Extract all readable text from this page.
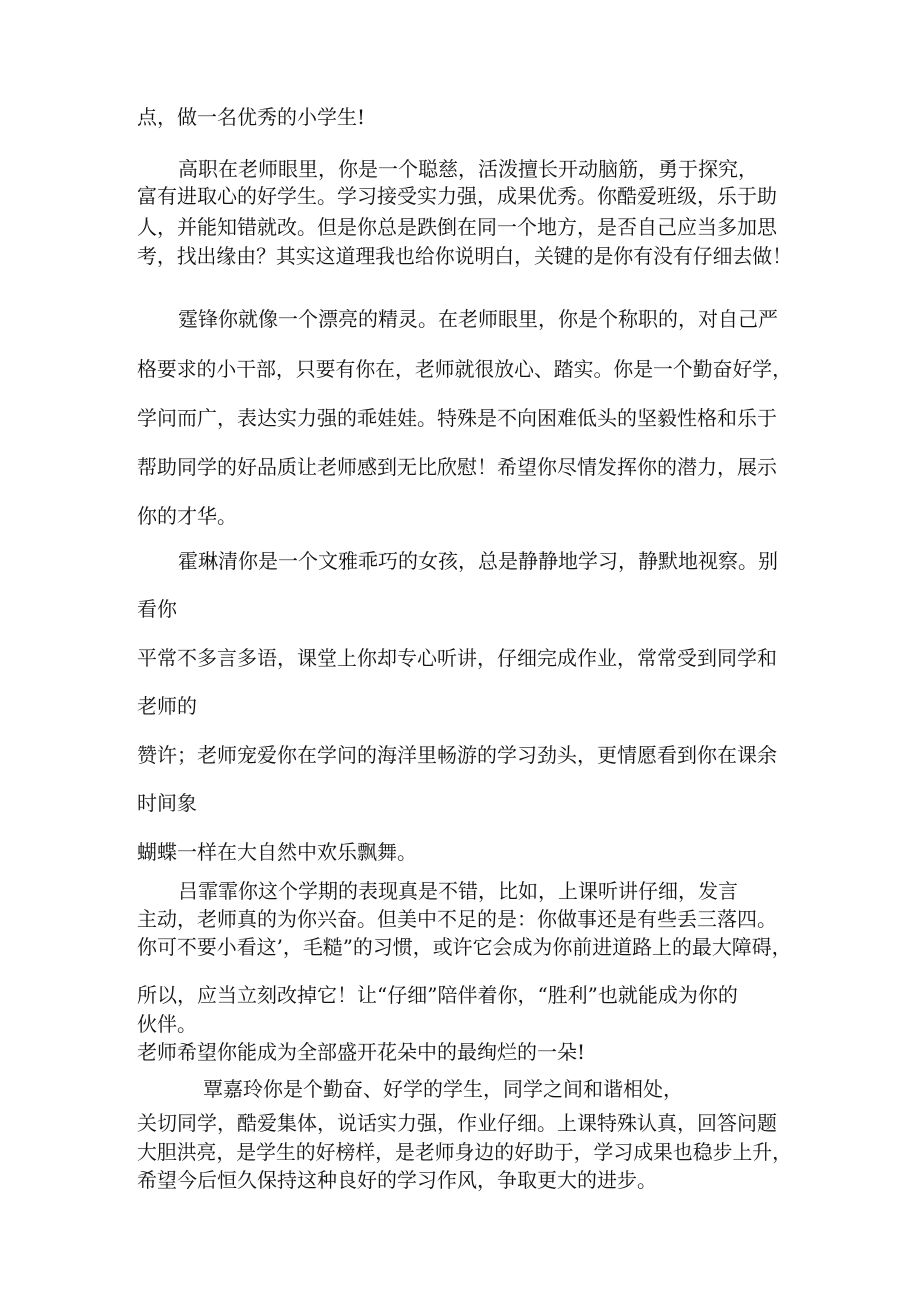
点，做一名优秀的小学生!
高职在老师眼里，你是一个聪慈，活泼擅长开动脑筋，勇于探究，
富有进取心的好学生。学习接受实力强，成果优秀。你酷爱班级，乐于助
人，并能知错就改。但是你总是跌倒在同一个地方，是否自己应当多加思
考，找出缘由？其实这道理我也给你说明白，关键的是你有没有仔细去做！
霆锋你就像一个漂亮的精灵。在老师眼里，你是个称职的，对自己严
格要求的小干部，只要有你在，老师就很放心、踏实。你是一个勤奋好学，
学问而广，表达实力强的乖娃娃。特殊是不向困难低头的坚毅性格和乐于
帮助同学的好品质让老师感到无比欣慰！希望你尽情发挥你的潜力，展示
你的才华。
霍琳清你是一个文雅乖巧的女孩，总是静静地学习，静默地视察。别
看你
平常不多言多语，课堂上你却专心听讲，仔细完成作业，常常受到同学和
老师的
赞许；老师宠爱你在学问的海洋里畅游的学习劲头，更情愿看到你在课余
时间象
蝴蝶一样在大自然中欢乐飘舞。
吕霏霏你这个学期的表现真是不错，比如，上课听讲仔细，发言
主动，老师真的为你兴奋。但美中不足的是：你做事还是有些丢三落四。
你可不要小看这’，毛糙”的习惯，或许它会成为你前进道路上的最大障碍，
所以，应当立刻改掉它！让“仔细”陪伴着你，“胜利”也就能成为你的
伙伴。
老师希望你能成为全部盛开花朵中的最绚烂的一朵!
覃嘉玲你是个勤奋、好学的学生，同学之间和谐相处，
关切同学，酷爱集体，说话实力强，作业仔细。上课特殊认真，回答问题
大胆洪亮，是学生的好榜样，是老师身边的好助于，学习成果也稳步上升，
希望今后恒久保持这种良好的学习作风，争取更大的进步。
